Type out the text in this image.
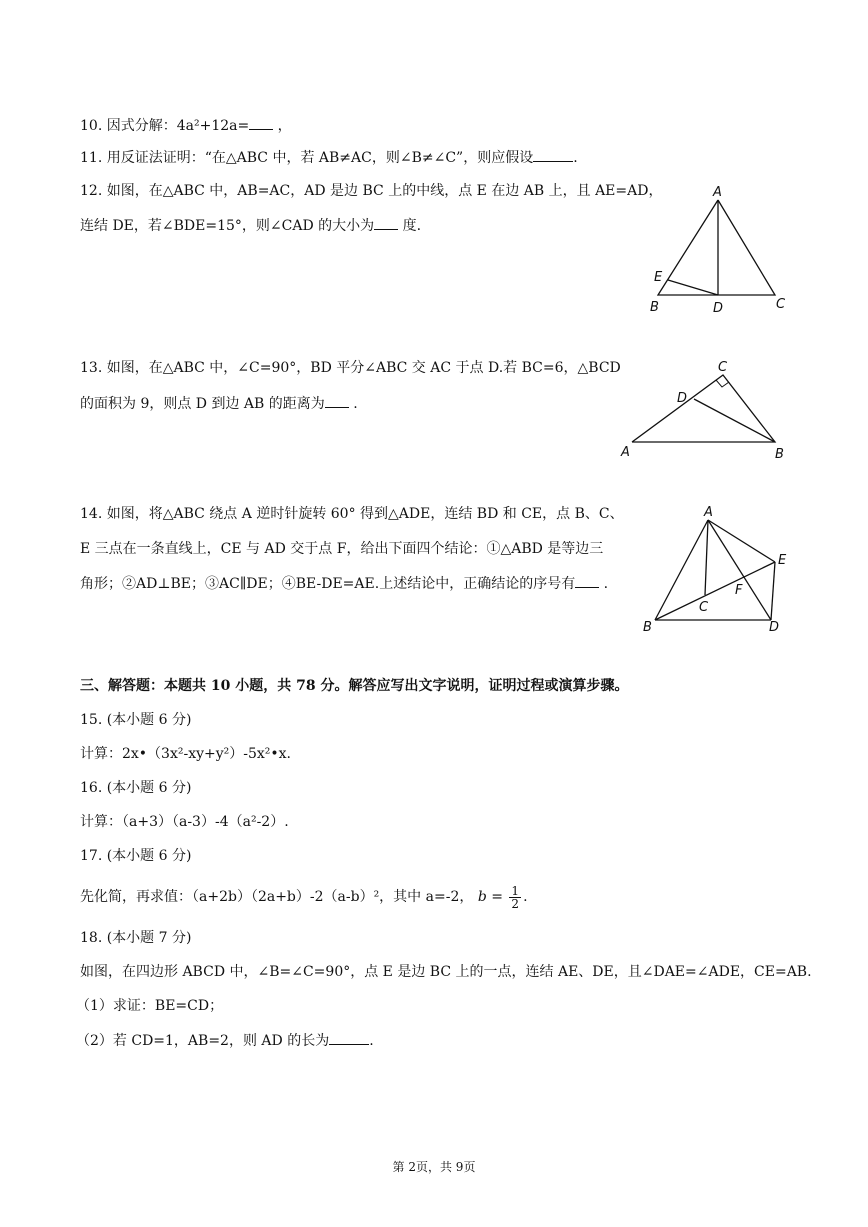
10. 因式分解：4a²+12a= ，
11. 用反证法证明：“在△ABC 中，若 AB≠AC，则∠B≠∠C”，则应假设	.
12. 如图，在△ABC 中，AB=AC，AD 是边 BC 上的中线，点 E 在边 AB 上，且 AE=AD，
连结 DE，若∠BDE=15°，则∠CAD 的大小为 度.
A
E
B	D	C
13. 如图，在△ABC 中，∠C=90°，BD 平分∠ABC 交 AC 于点 D.若 BC=6，△BCD
的面积为 9，则点 D 到边 AB 的距离为 .
C
D
A	B
14. 如图，将△ABC 绕点 A 逆时针旋转 60° 得到△ADE，连结 BD 和 CE，点 B、C、
E 三点在一条直线上，CE 与 AD 交于点 F，给出下面四个结论：①△ABD 是等边三
角形；②AD⊥BE；③AC∥DE；④BE-DE=AE.上述结论中，正确结论的序号有 .
A
E
F
C
B	D
三、解答题：本题共 10 小题，共 78 分。解答应写出文字说明，证明过程或演算步骤。
15. (本小题 6 分)
计算：2x•（3x²-xy+y²）-5x²•x.
16. (本小题 6 分)
计算：（a+3）（a-3）-4（a²-2）.
17. (本小题 6 分)
先化简，再求值：（a+2b）（2a+b）-2（a-b）²，其中 a=-2， $b = \frac{1}{2}$ .
18. (本小题 7 分)
如图，在四边形 ABCD 中，∠B=∠C=90°，点 E 是边 BC 上的一点，连结 AE、DE，且∠DAE=∠ADE，CE=AB.
（1）求证：BE=CD；
（2）若 CD=1，AB=2，则 AD 的长为	.
第 2页，共 9页
